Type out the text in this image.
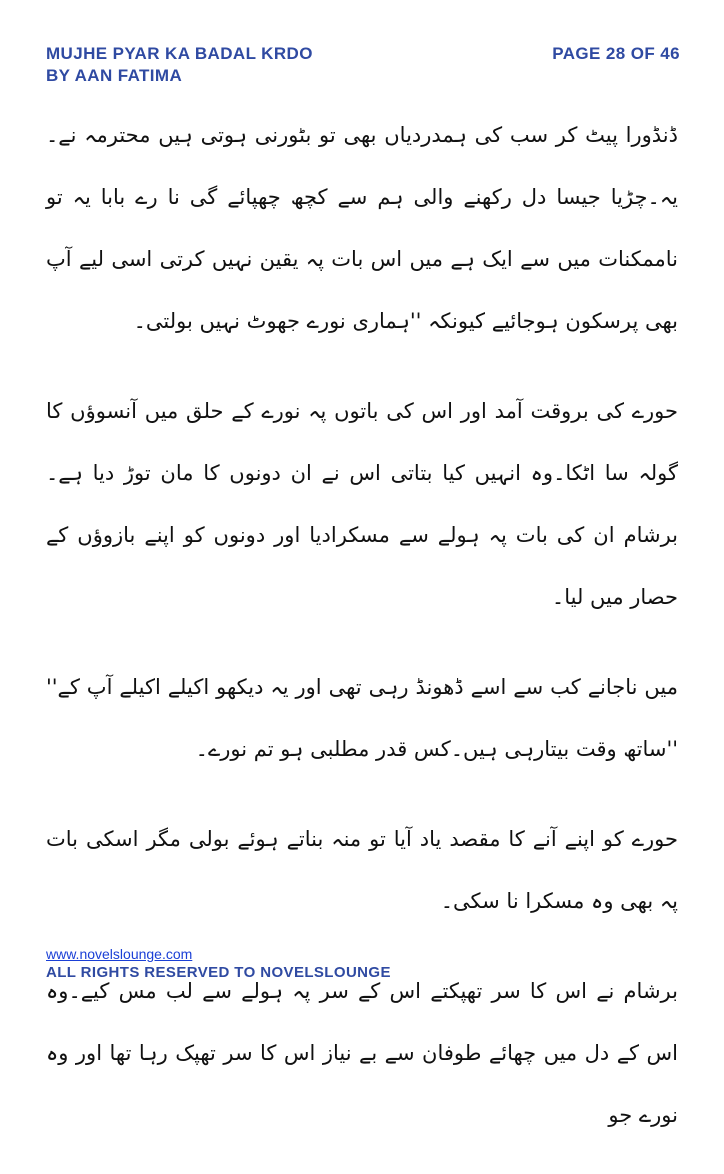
MUJHE PYAR KA BADAL KRDO
BY AAN FATIMA
PAGE 28 OF 46

ڈنڈورا پیٹ کر سب کی ہمدردیاں بھی تو بٹورنی ہوتی ہیں محترمہ نے۔یہ۔چڑیا جیسا دل رکھنے والی ہم سے کچھ چھپائے گی نا رے بابا یہ تو ناممکنات میں سے ایک ہے میں اس بات پہ یقین نہیں کرتی اسی لیے آپ بھی پرسکون ہوجائیے کیونکہ ''ہماری نورے جھوٹ نہیں بولتی۔

حورے کی بروقت آمد اور اس کی باتوں پہ نورے کے حلق میں آنسوؤں کا گولہ سا اٹکا۔وہ انہیں کیا بتاتی اس نے ان دونوں کا مان توڑ دیا ہے۔ برشام ان کی بات پہ ہولے سے مسکرادیا اور دونوں کو اپنے بازوؤں کے حصار میں لیا۔

میں ناجانے کب سے اسے ڈھونڈ رہی تھی اور یہ دیکھو اکیلے اکیلے آپ کے'' ''ساتھ وقت بیتارہی ہیں۔کس قدر مطلبی ہو تم نورے۔

حورے کو اپنے آنے کا مقصد یاد آیا تو منہ بناتے ہوئے بولی مگر اسکی بات پہ بھی وہ مسکرا نا سکی۔

برشام نے اس کا سر تھپکتے اس کے سر پہ ہولے سے لب مس کیے۔وہ اس کے دل میں چھائے طوفان سے بے نیاز اس کا سر تھپک رہا تھا اور وہ نورے جو

www.novelslounge.com
ALL RIGHTS RESERVED TO NOVELSLOUNGE
